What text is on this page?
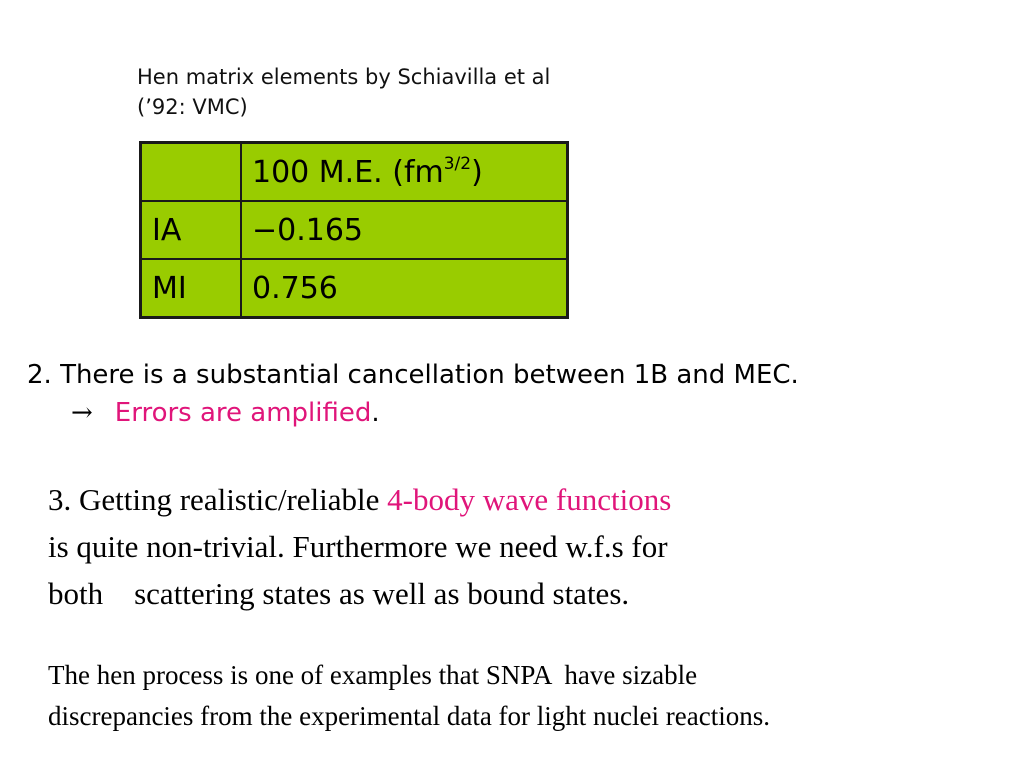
Hen matrix elements by Schiavilla et al
(’92: VMC)
	100 M.E. $(fm^{3/2})$
IA	−0.165
MI	0.756
2. There is a substantial cancellation between 1B and MEC.
→ Errors are amplified.
3. Getting realistic/reliable 4-body wave functions
is quite non-trivial. Furthermore we need w.f.s for
both    scattering states as well as bound states.
The hen process is one of examples that SNPA  have sizable
discrepancies from the experimental data for light nuclei reactions.
